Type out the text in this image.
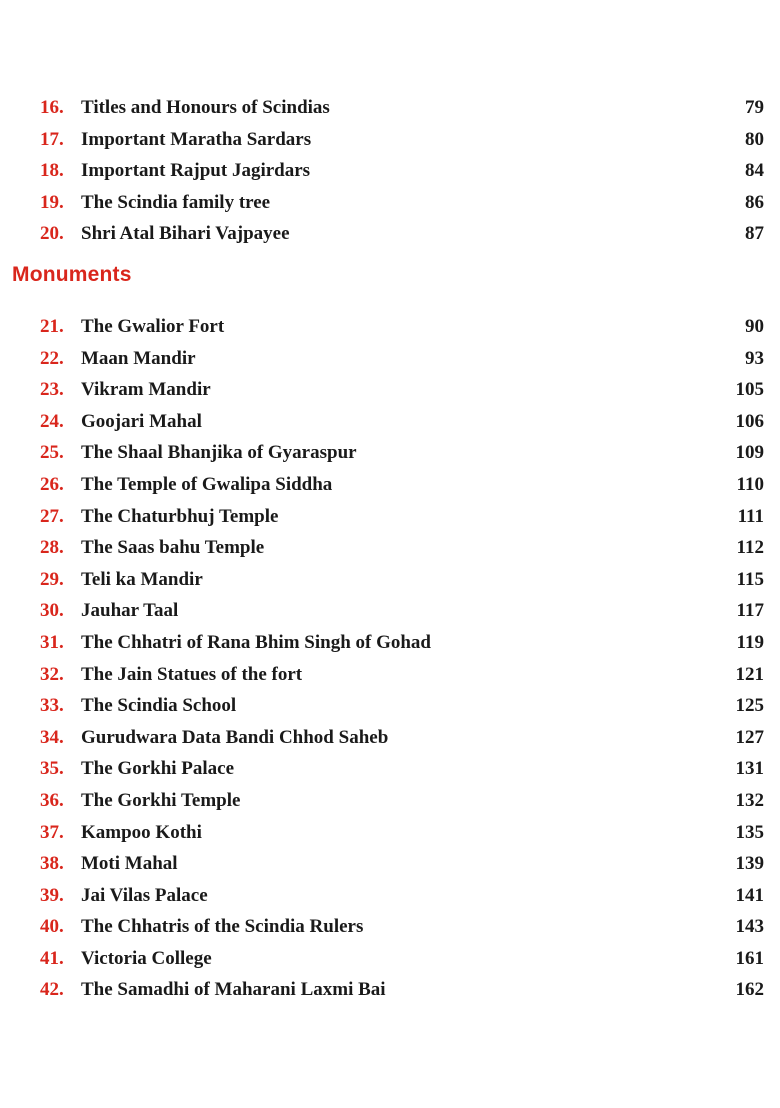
16. Titles and Honours of Scindias	79
17. Important Maratha Sardars	80
18. Important Rajput Jagirdars	84
19. The Scindia family tree	86
20. Shri Atal Bihari Vajpayee	87
Monuments
21. The Gwalior Fort	90
22. Maan Mandir	93
23. Vikram Mandir	105
24. Goojari Mahal	106
25. The Shaal Bhanjika of Gyaraspur	109
26. The Temple of Gwalipa Siddha	110
27. The Chaturbhuj Temple	111
28. The Saas bahu Temple	112
29. Teli ka Mandir	115
30. Jauhar Taal	117
31. The Chhatri of Rana Bhim Singh of Gohad	119
32. The Jain Statues of the fort	121
33. The Scindia School	125
34. Gurudwara Data Bandi Chhod Saheb	127
35. The Gorkhi Palace	131
36. The Gorkhi Temple	132
37. Kampoo Kothi	135
38. Moti Mahal	139
39. Jai Vilas Palace	141
40. The Chhatris of the Scindia Rulers	143
41. Victoria College	161
42. The Samadhi of Maharani Laxmi Bai	162
